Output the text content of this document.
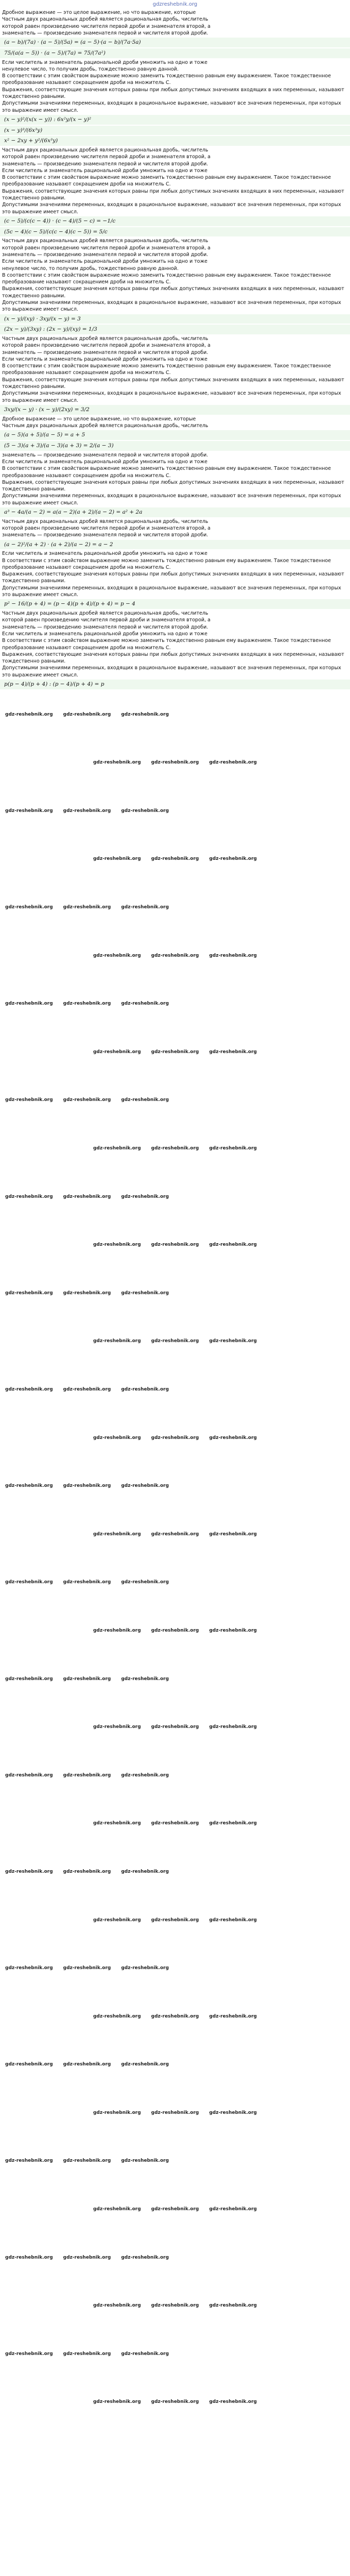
gdzreshebnik.org

Дробное выражение — это целое выражение, но что выражение, которые

Частным двух рациональных дробей является рациональная дробь, числитель

которой равен произведению числителя первой дроби и знаменателя второй, а

знаменатель — произведению знаменателя первой и числителя второй дроби.

(a − b)/(7a) · (a − 5)/(5a) = (a − 5)·(a − b)/(7a·5a)
75/(a(a − 5)) · (a − 5)/(7a) = 75/(7a²)

Если числитель и знаменатель рациональной дроби умножить на одно и тоже

ненулевое число, то получим дробь, тождественно равную данной.

В соответствии с этим свойством выражение можно заменить тождественно равным ему выражением. Такое тождественное преобразование называют сокращением дроби на множитель C.

Выражения, соответствующие значения которых равны при любых допустимых значениях входящих в них переменных, называют тождественно равными.

Допустимыми значениями переменных, входящих в рациональное выражение, называют все значения переменных, при которых это выражение имеет смысл.

(x − y)²/(x(x − y)) : 6x²y/(x − y)²
(x − y)³/(6x³y)
x² − 2xy + y²/(6x³y)

Частным двух рациональных дробей является рациональная дробь, числитель

которой равен произведению числителя первой дроби и знаменателя второй, а

знаменатель — произведению знаменателя первой и числителя второй дроби.

Если числитель и знаменатель рациональной дроби умножить на одно и тоже

В соответствии с этим свойством выражение можно заменить тождественно равным ему выражением. Такое тождественное преобразование называют сокращением дроби на множитель C.

Выражения, соответствующие значения которых равны при любых допустимых значениях входящих в них переменных, называют тождественно равными.

Допустимыми значениями переменных, входящих в рациональное выражение, называют все значения переменных, при которых это выражение имеет смысл.

(c − 5)/(c(c − 4)) · (c − 4)/(5 − c) = −1/c
(5c − 4)(c − 5)/(c(c − 4)(c − 5)) = 5/c

Частным двух рациональных дробей является рациональная дробь, числитель

которой равен произведению числителя первой дроби и знаменателя второй, а

знаменатель — произведению знаменателя первой и числителя второй дроби.

Если числитель и знаменатель рациональной дроби умножить на одно и тоже

ненулевое число, то получим дробь, тождественно равную данной.

В соответствии с этим свойством выражение можно заменить тождественно равным ему выражением. Такое тождественное преобразование называют сокращением дроби на множитель C.

Выражения, соответствующие значения которых равны при любых допустимых значениях входящих в них переменных, называют тождественно равными.

Допустимыми значениями переменных, входящих в рациональное выражение, называют все значения переменных, при которых это выражение имеет смысл.

(x − y)/(xy) · 3xy/(x − y) = 3
(2x − y)/(3xy) : (2x − y)/(xy) = 1/3

Частным двух рациональных дробей является рациональная дробь, числитель

которой равен произведению числителя первой дроби и знаменателя второй, а

знаменатель — произведению знаменателя первой и числителя второй дроби.

Если числитель и знаменатель рациональной дроби умножить на одно и тоже

В соответствии с этим свойством выражение можно заменить тождественно равным ему выражением. Такое тождественное преобразование называют сокращением дроби на множитель C.

Выражения, соответствующие значения которых равны при любых допустимых значениях входящих в них переменных, называют тождественно равными.

Допустимыми значениями переменных, входящих в рациональное выражение, называют все значения переменных, при которых это выражение имеет смысл.

3xy/(x − y) · (x − y)/(2xy) = 3/2

Дробное выражение — это целое выражение, но что выражение, которые

Частным двух рациональных дробей является рациональная дробь, числитель

(a − 5)(a + 5)/(a − 5) = a + 5
(5 − 3)(a + 3)/(a − 3)(a + 3) = 2/(a − 3)

знаменатель — произведению знаменателя первой и числителя второй дроби.

Если числитель и знаменатель рациональной дроби умножить на одно и тоже

В соответствии с этим свойством выражение можно заменить тождественно равным ему выражением. Такое тождественное преобразование называют сокращением дроби на множитель C.

Выражения, соответствующие значения которых равны при любых допустимых значениях входящих в них переменных, называют тождественно равными.

Допустимыми значениями переменных, входящих в рациональное выражение, называют все значения переменных, при которых это выражение имеет смысл.

a³ − 4a/(a − 2) = a(a − 2)(a + 2)/(a − 2) = a² + 2a

Частным двух рациональных дробей является рациональная дробь, числитель

которой равен произведению числителя первой дроби и знаменателя второй, а

знаменатель — произведению знаменателя первой и числителя второй дроби.

(a − 2)²/(a + 2) · (a + 2)/(a − 2) = a − 2

Если числитель и знаменатель рациональной дроби умножить на одно и тоже

В соответствии с этим свойством выражение можно заменить тождественно равным ему выражением. Такое тождественное преобразование называют сокращением дроби на множитель C.

Выражения, соответствующие значения которых равны при любых допустимых значениях входящих в них переменных, называют тождественно равными.

Допустимыми значениями переменных, входящих в рациональное выражение, называют все значения переменных, при которых это выражение имеет смысл.

p² − 16/(p + 4) = (p − 4)(p + 4)/(p + 4) = p − 4

Частным двух рациональных дробей является рациональная дробь, числитель

которой равен произведению числителя первой дроби и знаменателя второй, а

знаменатель — произведению знаменателя первой и числителя второй дроби.

Если числитель и знаменатель рациональной дроби умножить на одно и тоже

В соответствии с этим свойством выражение можно заменить тождественно равным ему выражением. Такое тождественное преобразование называют сокращением дроби на множитель C.

Выражения, соответствующие значения которых равны при любых допустимых значениях входящих в них переменных, называют тождественно равными.

Допустимыми значениями переменных, входящих в рациональное выражение, называют все значения переменных, при которых это выражение имеет смысл.

p(p − 4)/(p + 4) : (p − 4)/(p + 4) = p
gdz-reshebnik.org gdz-reshebnik.org gdz-reshebnik.org
gdz-reshebnik.org gdz-reshebnik.org gdz-reshebnik.org
gdz-reshebnik.org gdz-reshebnik.org gdz-reshebnik.org
gdz-reshebnik.org gdz-reshebnik.org gdz-reshebnik.org
gdz-reshebnik.org gdz-reshebnik.org gdz-reshebnik.org
gdz-reshebnik.org gdz-reshebnik.org gdz-reshebnik.org
gdz-reshebnik.org gdz-reshebnik.org gdz-reshebnik.org
gdz-reshebnik.org gdz-reshebnik.org gdz-reshebnik.org
gdz-reshebnik.org gdz-reshebnik.org gdz-reshebnik.org
gdz-reshebnik.org gdz-reshebnik.org gdz-reshebnik.org
gdz-reshebnik.org gdz-reshebnik.org gdz-reshebnik.org
gdz-reshebnik.org gdz-reshebnik.org gdz-reshebnik.org
gdz-reshebnik.org gdz-reshebnik.org gdz-reshebnik.org
gdz-reshebnik.org gdz-reshebnik.org gdz-reshebnik.org
gdz-reshebnik.org gdz-reshebnik.org gdz-reshebnik.org
gdz-reshebnik.org gdz-reshebnik.org gdz-reshebnik.org
gdz-reshebnik.org gdz-reshebnik.org gdz-reshebnik.org
gdz-reshebnik.org gdz-reshebnik.org gdz-reshebnik.org
gdz-reshebnik.org gdz-reshebnik.org gdz-reshebnik.org
gdz-reshebnik.org gdz-reshebnik.org gdz-reshebnik.org
gdz-reshebnik.org gdz-reshebnik.org gdz-reshebnik.org
gdz-reshebnik.org gdz-reshebnik.org gdz-reshebnik.org
gdz-reshebnik.org gdz-reshebnik.org gdz-reshebnik.org
gdz-reshebnik.org gdz-reshebnik.org gdz-reshebnik.org
gdz-reshebnik.org gdz-reshebnik.org gdz-reshebnik.org
gdz-reshebnik.org gdz-reshebnik.org gdz-reshebnik.org
gdz-reshebnik.org gdz-reshebnik.org gdz-reshebnik.org
gdz-reshebnik.org gdz-reshebnik.org gdz-reshebnik.org
gdz-reshebnik.org gdz-reshebnik.org gdz-reshebnik.org
gdz-reshebnik.org gdz-reshebnik.org gdz-reshebnik.org
gdz-reshebnik.org gdz-reshebnik.org gdz-reshebnik.org
gdz-reshebnik.org gdz-reshebnik.org gdz-reshebnik.org
gdz-reshebnik.org gdz-reshebnik.org gdz-reshebnik.org
gdz-reshebnik.org gdz-reshebnik.org gdz-reshebnik.org
gdz-reshebnik.org gdz-reshebnik.org gdz-reshebnik.org
gdz-reshebnik.org gdz-reshebnik.org gdz-reshebnik.org
